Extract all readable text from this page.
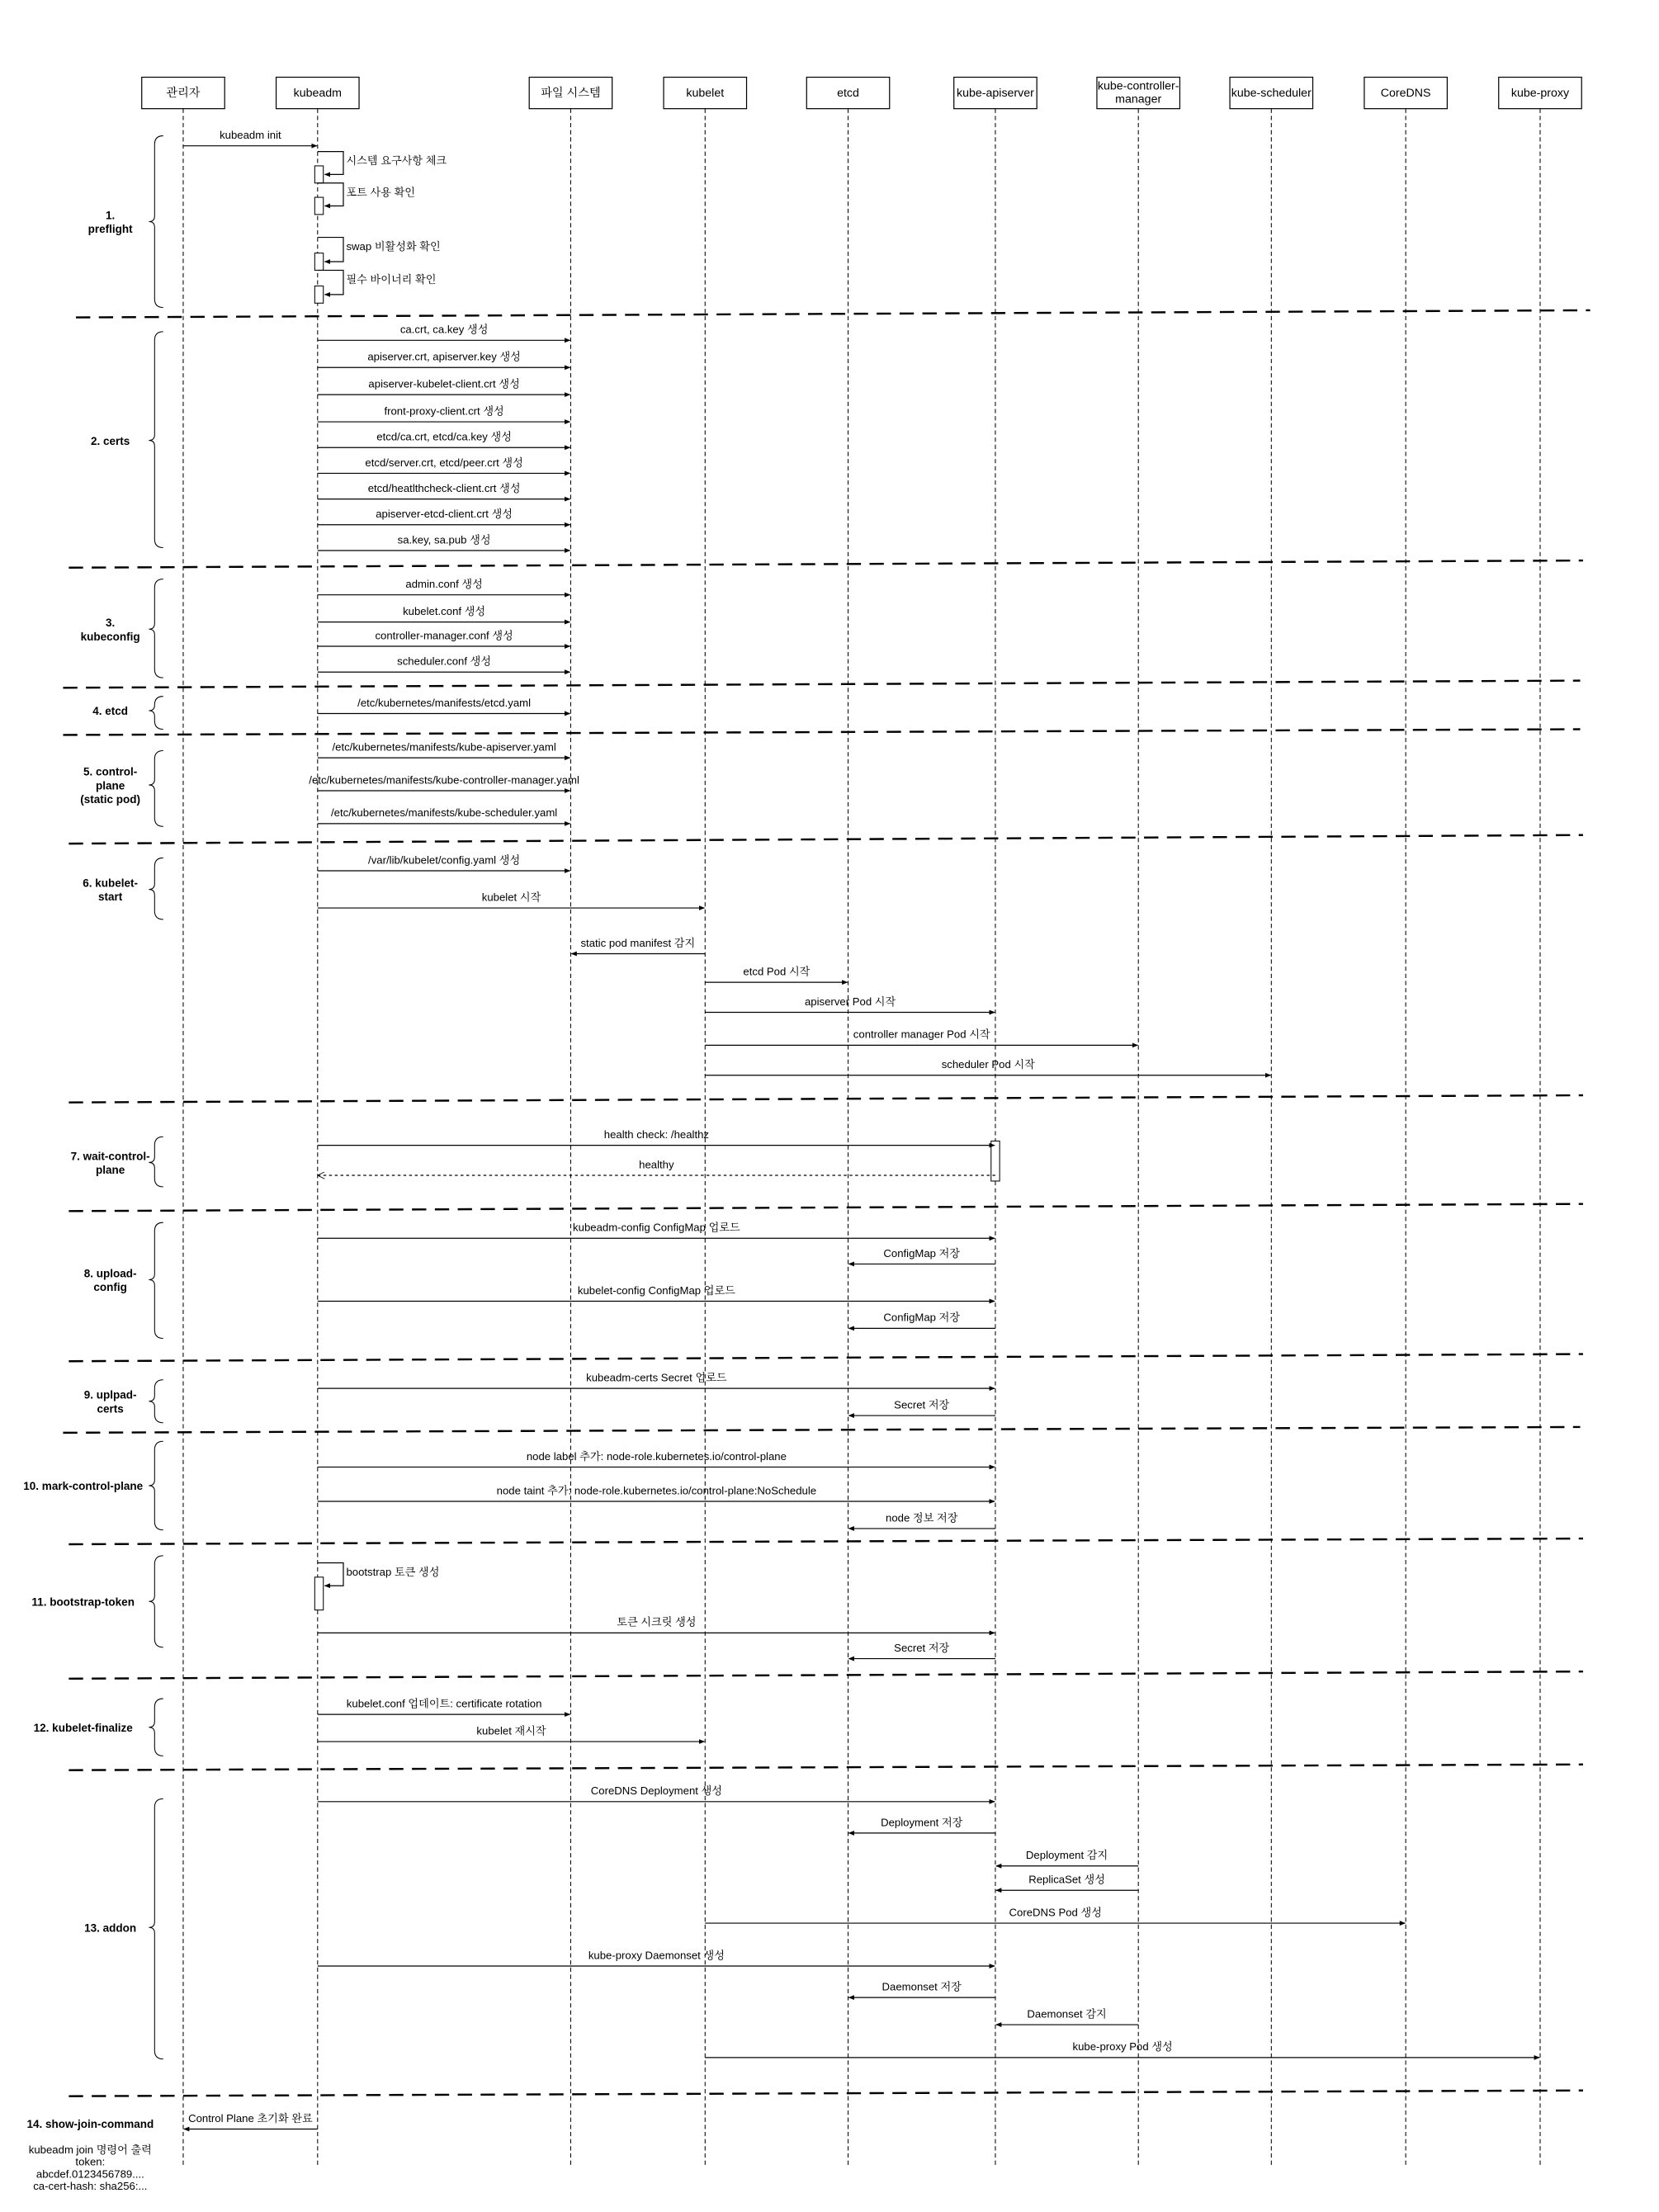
관리자	kubeadm	파일 시스템	kubelet	etcd	kube-apiserver
kube-controller-
manager	kube-scheduler	CoreDNS	kube-proxy
1.
preflight
2. certs
3.
kubeconfig
4. etcd
5. control-
plane
(static pod)
6. kubelet-
start
7. wait-control-
plane
8. upload-
config
9. uplpad-
certs
10. mark-control-plane
11. bootstrap-token
12. kubelet-finalize
13. addon
14. show-join-command
kubeadm init
시스템 요구사항 체크
포트 사용 확인
swap 비활성화 확인
필수 바이너리 확인
ca.crt, ca.key 생성
apiserver.crt, apiserver.key 생성
apiserver-kubelet-client.crt 생성
front-proxy-client.crt 생성
etcd/ca.crt, etcd/ca.key 생성
etcd/server.crt, etcd/peer.crt 생성
etcd/heatlthcheck-client.crt 생성
apiserver-etcd-client.crt 생성
sa.key, sa.pub 생성
admin.conf 생성
kubelet.conf 생성
controller-manager.conf 생성
scheduler.conf 생성
/etc/kubernetes/manifests/etcd.yaml
/etc/kubernetes/manifests/kube-apiserver.yaml
/etc/kubernetes/manifests/kube-controller-manager.yaml
/etc/kubernetes/manifests/kube-scheduler.yaml
/var/lib/kubelet/config.yaml 생성
kubelet 시작
static pod manifest 감지
etcd Pod 시작
apiserver Pod 시작
controller manager Pod 시작
scheduler Pod 시작
health check: /healthz
healthy
kubeadm-config ConfigMap 업로드
ConfigMap 저장
kubelet-config ConfigMap 업로드
ConfigMap 저장
kubeadm-certs Secret 업로드
Secret 저장
node label 추가: node-role.kubernetes.io/control-plane
node taint 추가: node-role.kubernetes.io/control-plane:NoSchedule
node 정보 저장
bootstrap 토큰 생성
토큰 시크릿 생성
Secret 저장
kubelet.conf 업데이트: certificate rotation
kubelet 재시작
CoreDNS Deployment 생성
Deployment 저장
Deployment 감지
ReplicaSet 생성
CoreDNS Pod 생성
kube-proxy Daemonset 생성
Daemonset 저장
Daemonset 감지
kube-proxy Pod 생성
Control Plane 초기화 완료
kubeadm join 명령어 출력
token:
abcdef.0123456789....
ca-cert-hash: sha256:...
